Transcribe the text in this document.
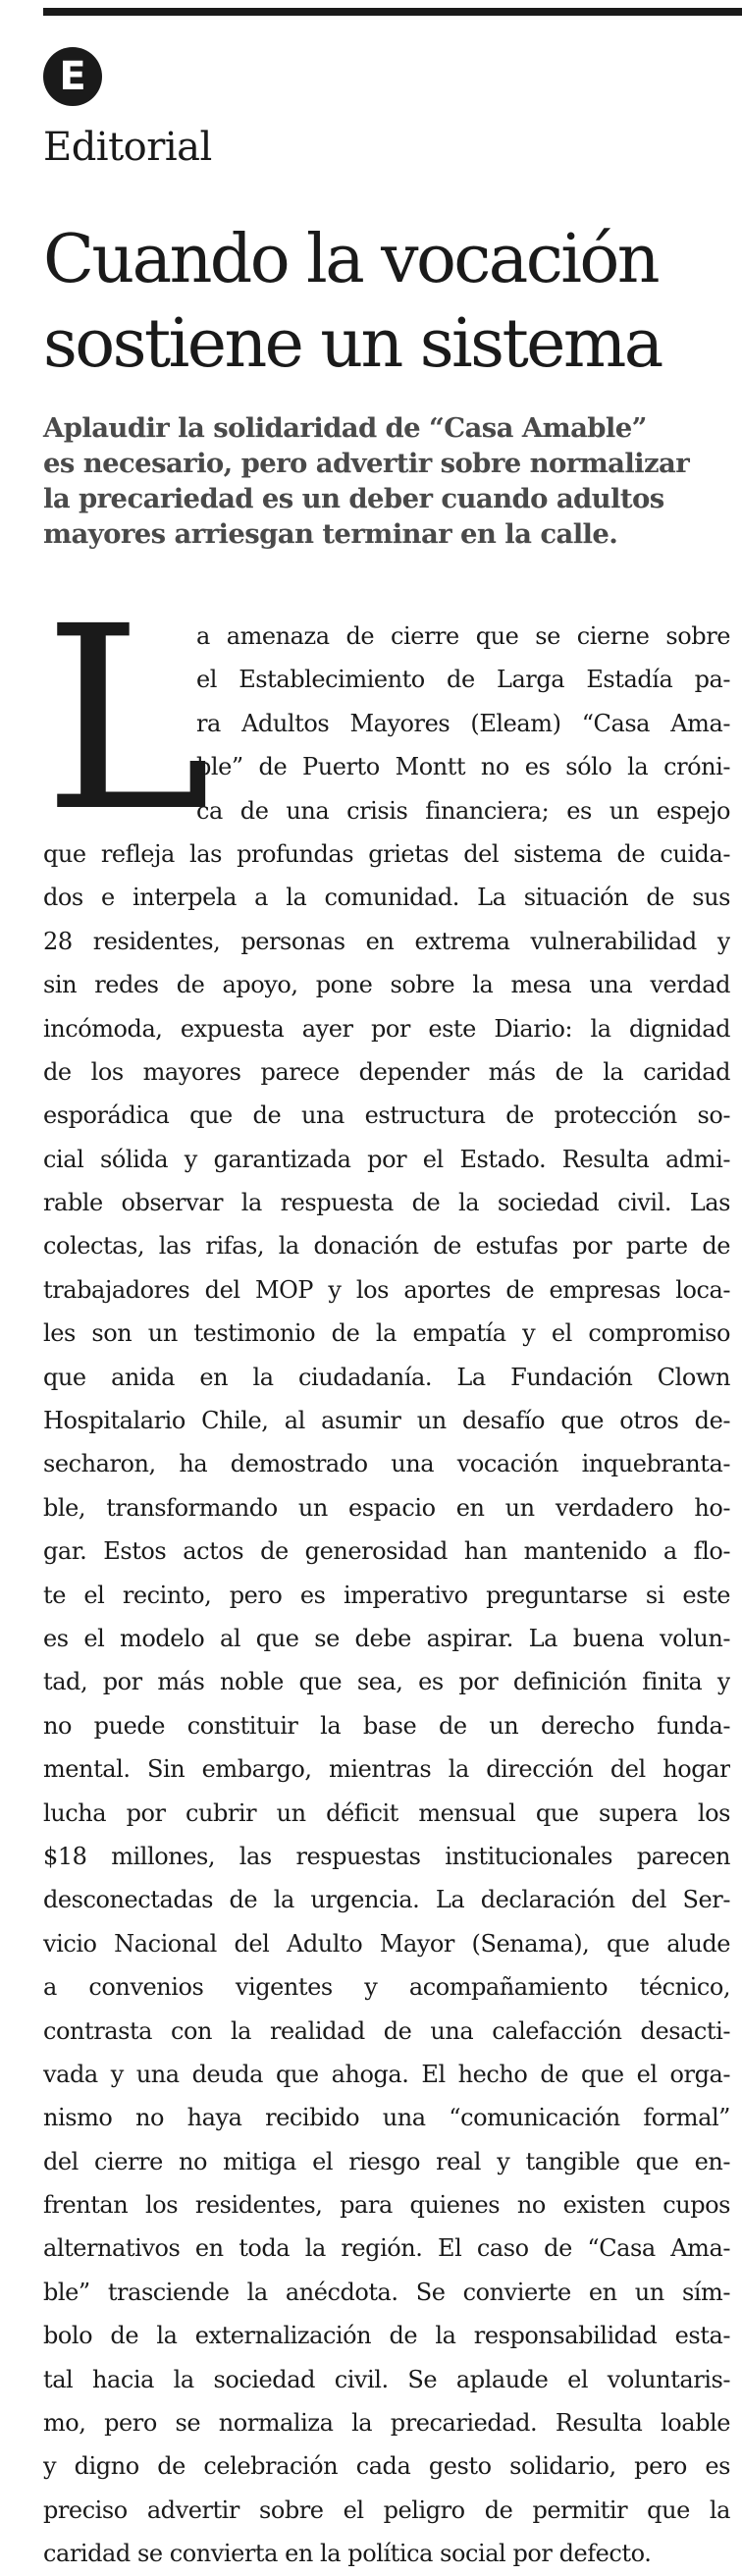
E
Editorial
Cuando la vocación
sostiene un sistema

Aplaudir la solidaridad de “Casa Amable”
es necesario, pero advertir sobre normalizar
la precariedad es un deber cuando adultos
mayores arriesgan terminar en la calle.

L
a amenaza de cierre que se cierne sobre
el Establecimiento de Larga Estadía pa-
ra Adultos Mayores (Eleam) “Casa Ama-
ble” de Puerto Montt no es sólo la cróni-
ca de una crisis financiera; es un espejo
que refleja las profundas grietas del sistema de cuida-
dos e interpela a la comunidad. La situación de sus
28 residentes, personas en extrema vulnerabilidad y
sin redes de apoyo, pone sobre la mesa una verdad
incómoda, expuesta ayer por este Diario: la dignidad
de los mayores parece depender más de la caridad
esporádica que de una estructura de protección so-
cial sólida y garantizada por el Estado. Resulta admi-
rable observar la respuesta de la sociedad civil. Las
colectas, las rifas, la donación de estufas por parte de
trabajadores del MOP y los aportes de empresas loca-
les son un testimonio de la empatía y el compromiso
que anida en la ciudadanía. La Fundación Clown
Hospitalario Chile, al asumir un desafío que otros de-
secharon, ha demostrado una vocación inquebranta-
ble, transformando un espacio en un verdadero ho-
gar. Estos actos de generosidad han mantenido a flo-
te el recinto, pero es imperativo preguntarse si este
es el modelo al que se debe aspirar. La buena volun-
tad, por más noble que sea, es por definición finita y
no puede constituir la base de un derecho funda-
mental. Sin embargo, mientras la dirección del hogar
lucha por cubrir un déficit mensual que supera los
$18 millones, las respuestas institucionales parecen
desconectadas de la urgencia. La declaración del Ser-
vicio Nacional del Adulto Mayor (Senama), que alude
a convenios vigentes y acompañamiento técnico,
contrasta con la realidad de una calefacción desacti-
vada y una deuda que ahoga. El hecho de que el orga-
nismo no haya recibido una “comunicación formal”
del cierre no mitiga el riesgo real y tangible que en-
frentan los residentes, para quienes no existen cupos
alternativos en toda la región. El caso de “Casa Ama-
ble” trasciende la anécdota. Se convierte en un sím-
bolo de la externalización de la responsabilidad esta-
tal hacia la sociedad civil. Se aplaude el voluntaris-
mo, pero se normaliza la precariedad. Resulta loable
y digno de celebración cada gesto solidario, pero es
preciso advertir sobre el peligro de permitir que la
caridad se convierta en la política social por defecto.
